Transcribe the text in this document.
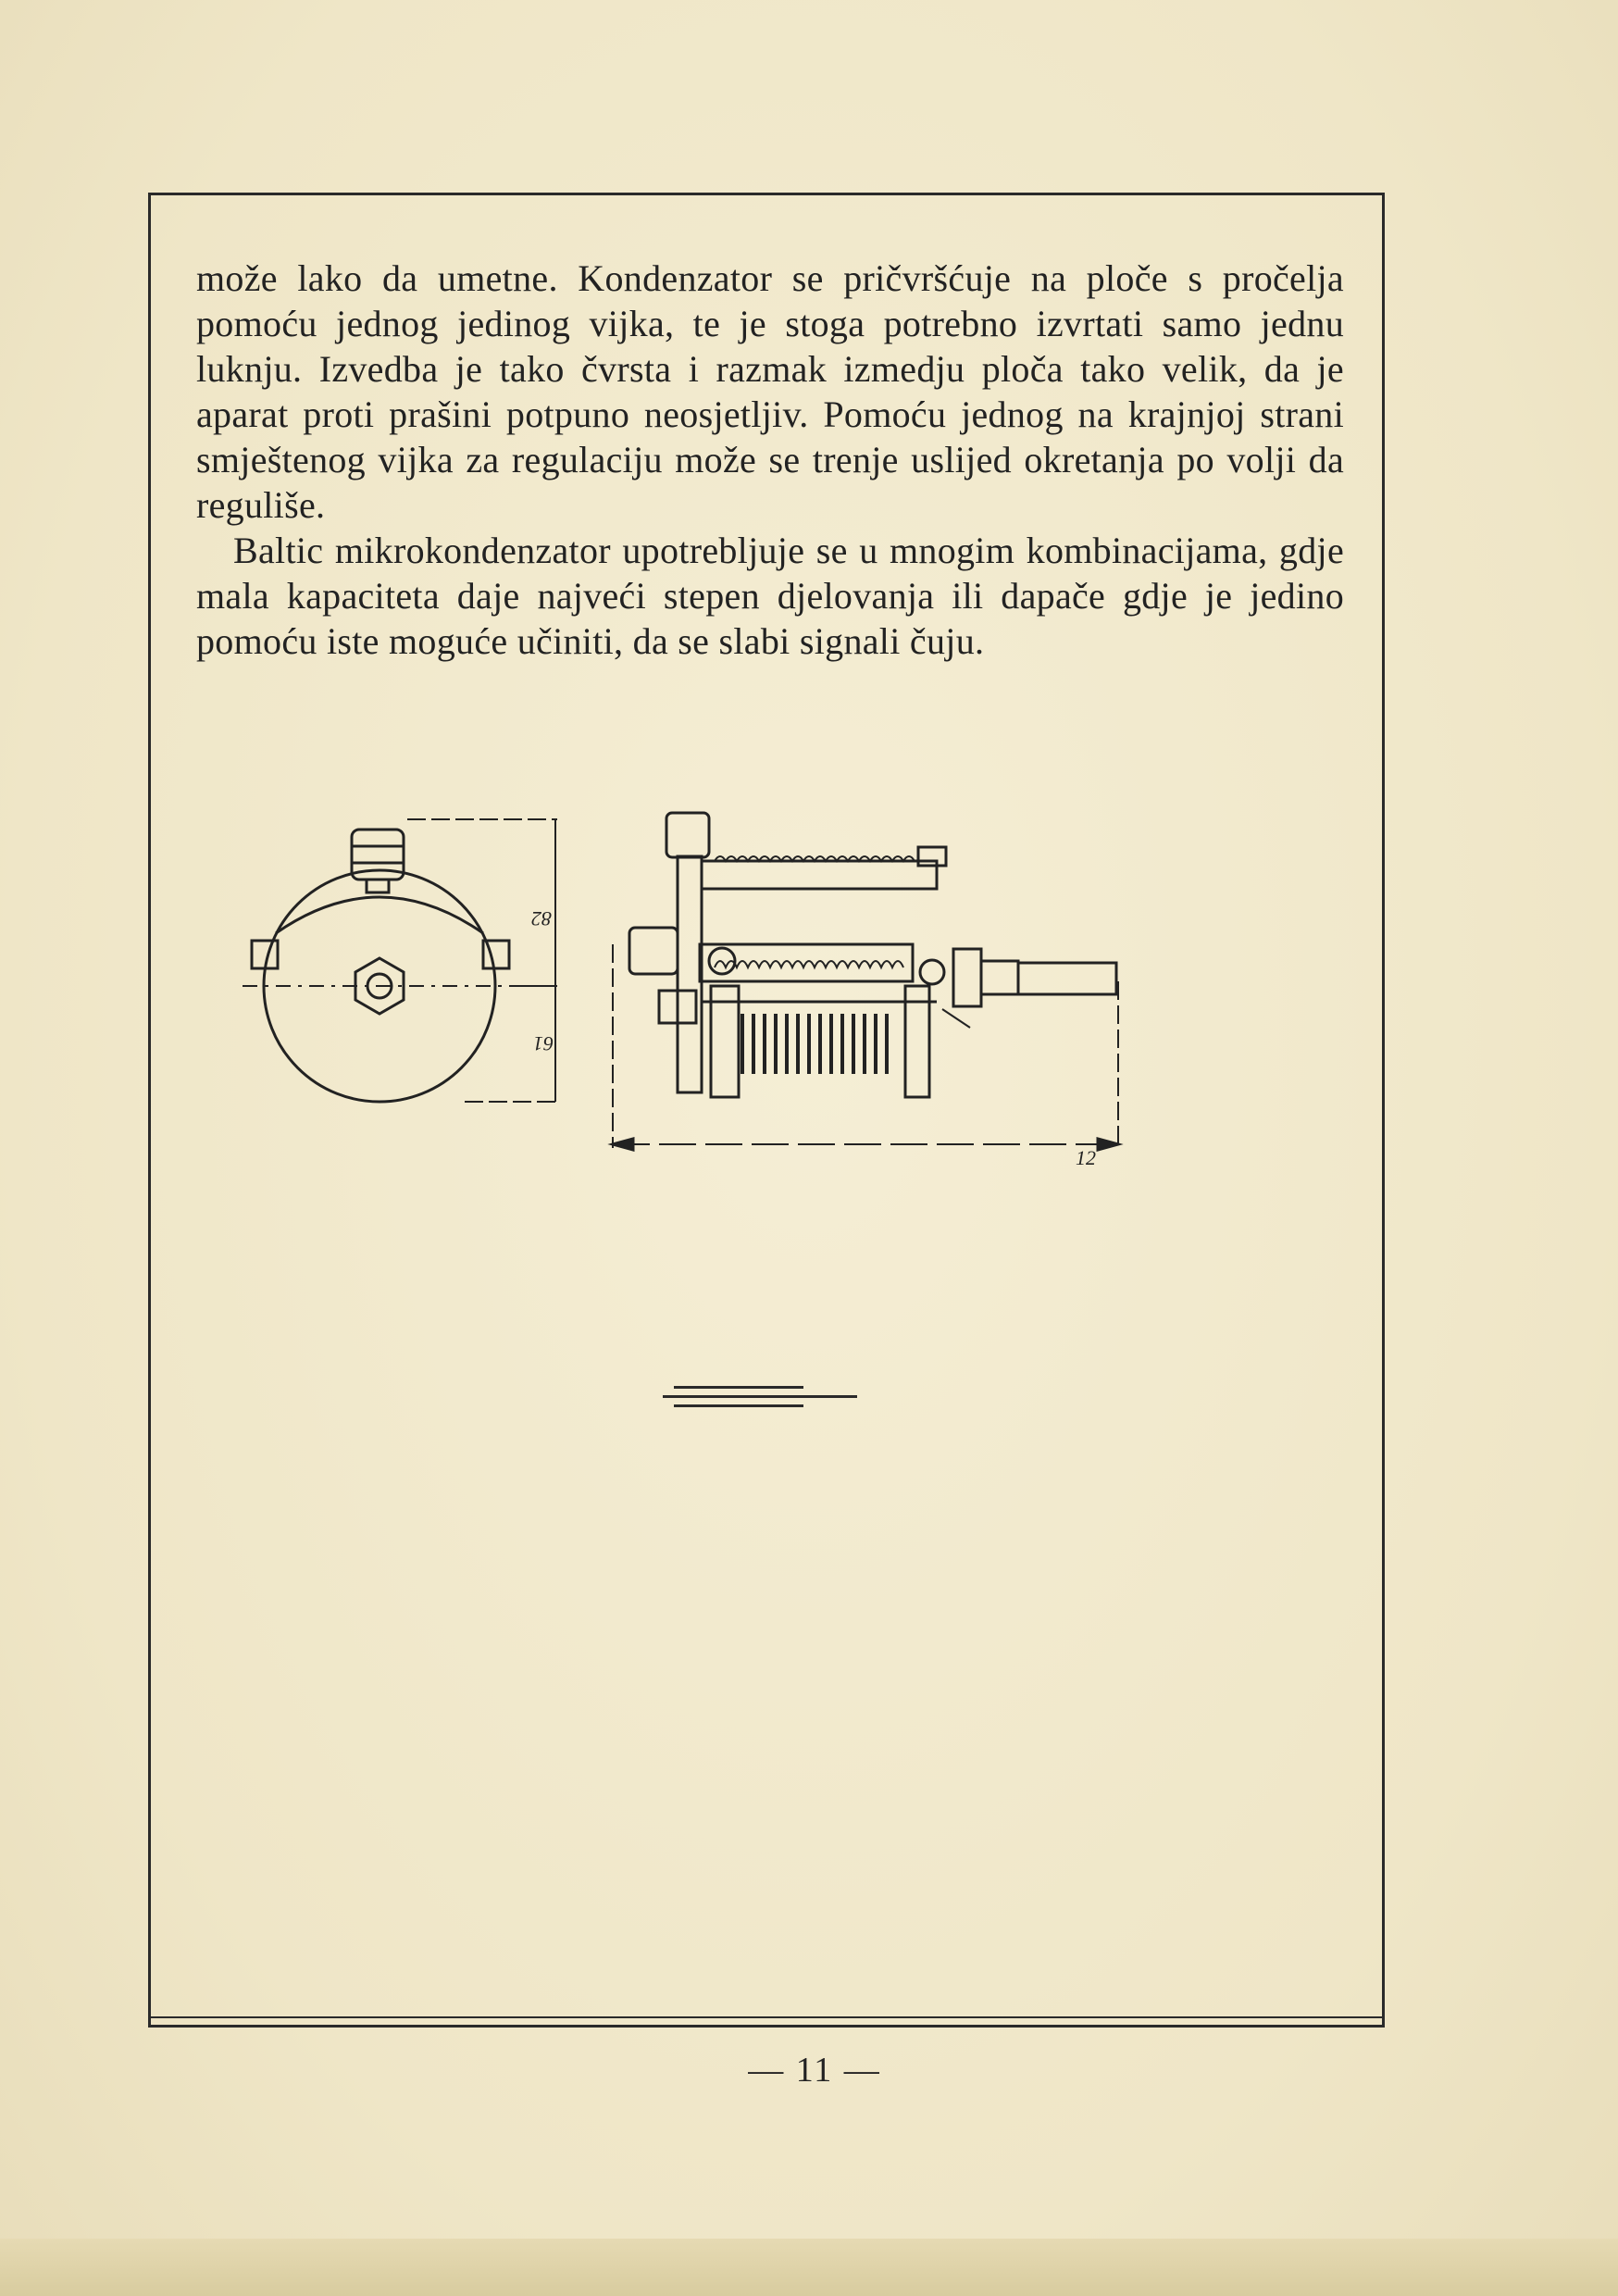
može lako da umetne. Kondenzator se pričvršćuje na ploče s pročelja pomoću jednog jedinog vijka, te je stoga potrebno izvrtati samo jednu luknju. Izvedba je tako čvrsta i razmak izmedju ploča tako velik, da je aparat proti prašini potpuno neosjetljiv. Pomoću jednog na krajnjoj strani smještenog vijka za regulaciju može se trenje uslijed okretanja po volji da reguliše.

Baltic mikrokondenzator upotrebljuje se u mnogim kombinacijama, gdje mala kapaciteta daje najveći stepen djelovanja ili dapače gdje je jedino pomoću iste moguće učiniti, da se slabi signali čuju.

82
61
12
— 11 —
